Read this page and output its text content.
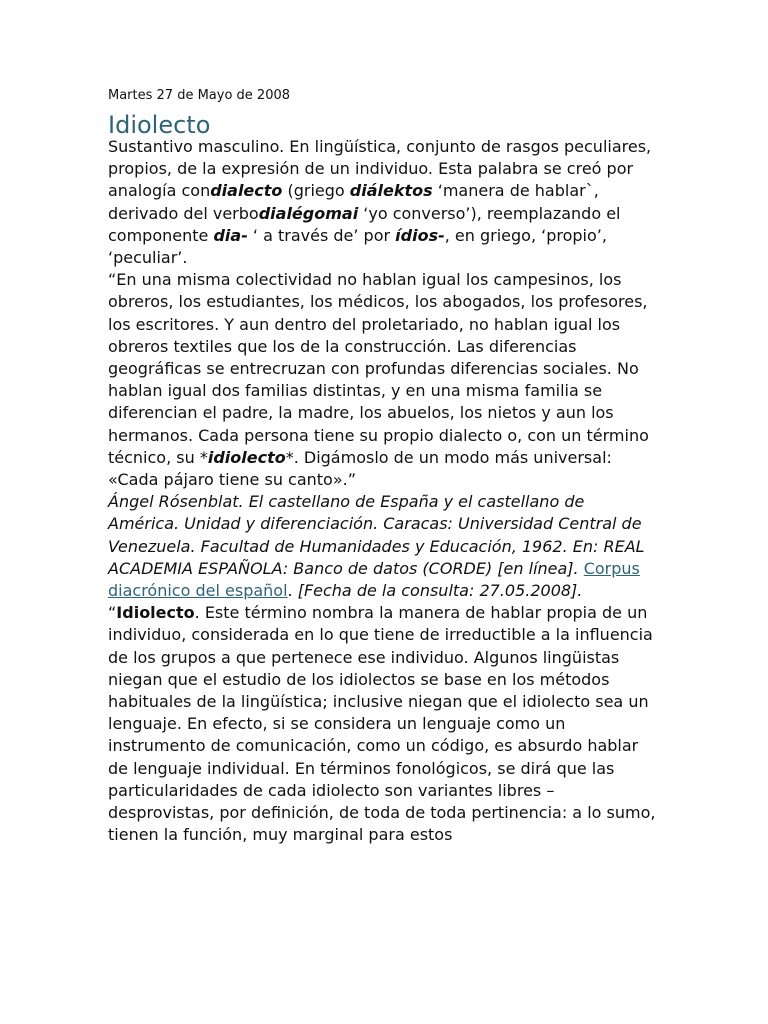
Martes 27 de Mayo de 2008
Idiolecto

Sustantivo masculino. En lingüística, conjunto de rasgos peculiares, propios, de la expresión de un individuo. Esta palabra se creó por analogía condialecto (griego diálektos ‘manera de hablar`, derivado del verbodialégomai ‘yo converso’), reemplazando el componente dia- ‘ a través de’ por ídios-, en griego, ‘propio’, ‘peculiar’.

“En una misma colectividad no hablan igual los campesinos, los obreros, los estudiantes, los médicos, los abogados, los profesores, los escritores. Y aun dentro del proletariado, no hablan igual los obreros textiles que los de la construcción. Las diferencias geográficas se entrecruzan con profundas diferencias sociales. No hablan igual dos familias distintas, y en una misma familia se diferencian el padre, la madre, los abuelos, los nietos y aun los hermanos. Cada persona tiene su propio dialecto o, con un término técnico, su *idiolecto*. Digámoslo de un modo más universal: «Cada pájaro tiene su canto».”

Ángel Rósenblat. El castellano de España y el castellano de América. Unidad y diferenciación. Caracas: Universidad Central de Venezuela. Facultad de Humanidades y Educación, 1962. En: REAL ACADEMIA ESPAÑOLA: Banco de datos (CORDE) [en línea]. Corpus diacrónico del español. [Fecha de la consulta: 27.05.2008].

“Idiolecto. Este término nombra la manera de hablar propia de un individuo, considerada en lo que tiene de irreductible a la influencia de los grupos a que pertenece ese individuo. Algunos lingüistas niegan que el estudio de los idiolectos se base en los métodos habituales de la lingüística; inclusive niegan que el idiolecto sea un lenguaje. En efecto, si se considera un lenguaje como un instrumento de comunicación, como un código, es absurdo hablar de lenguaje individual. En términos fonológicos, se dirá que las particularidades de cada idiolecto son variantes libres –desprovistas, por definición, de toda de toda pertinencia: a lo sumo, tienen la función, muy marginal para estos
